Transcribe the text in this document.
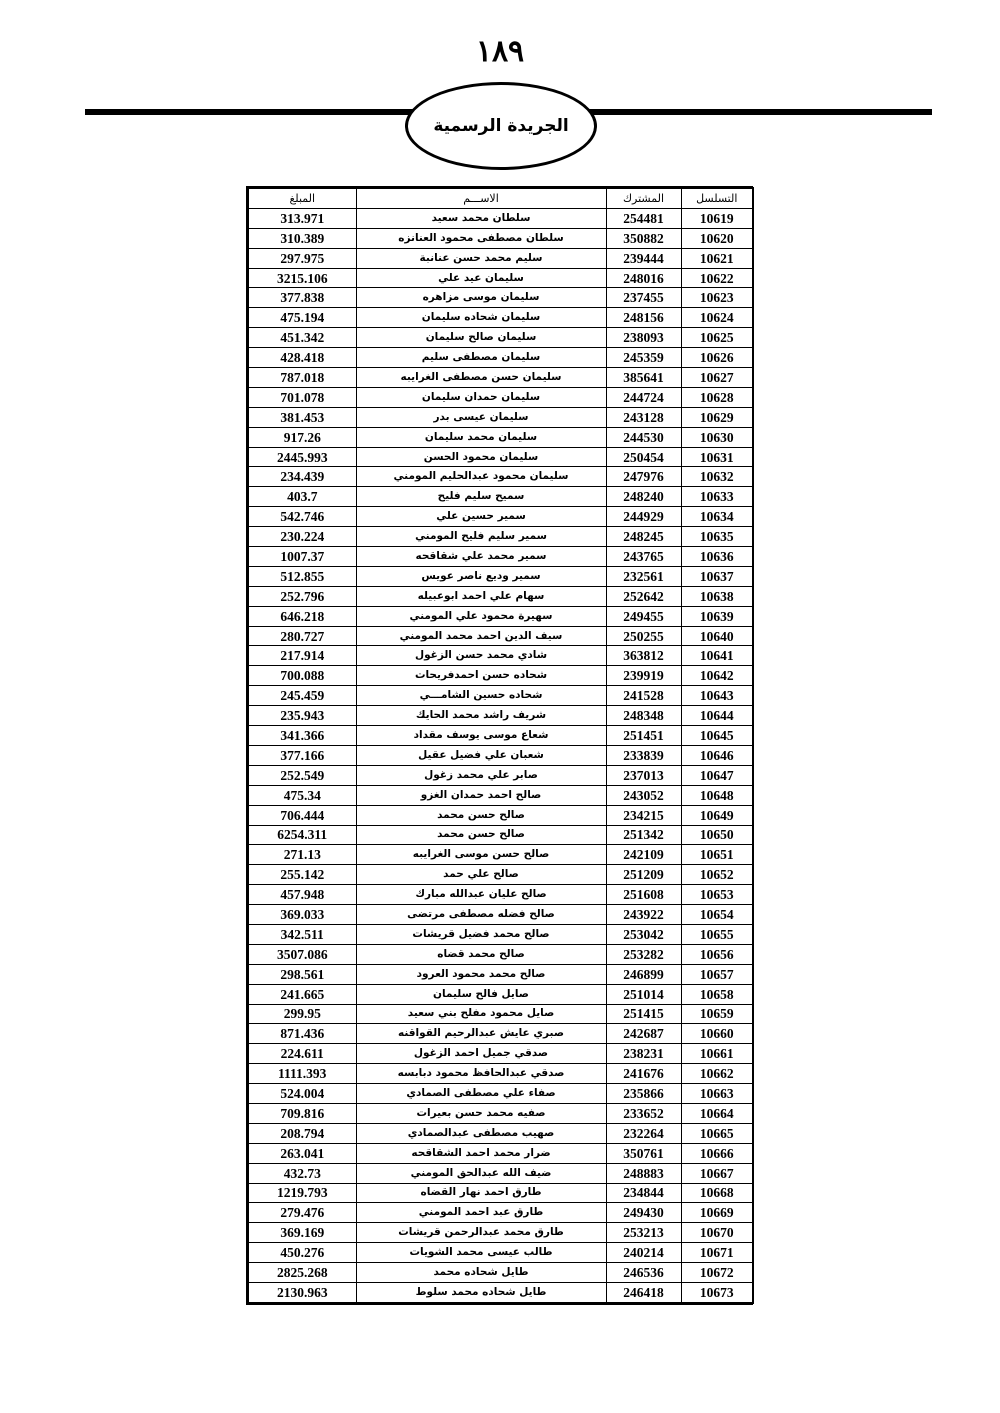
١٨٩
الجريدة الرسمية
التسلسل	المشترك	الاســـم	المبلغ
10619	254481	سلطان محمد سعيد	313.971
10620	350882	سلطان مصطفى محمود العنانزه	310.389
10621	239444	سليم محمد حسن عنانبة	297.975
10622	248016	سليمان عيد علي	3215.106
10623	237455	سليمان موسى مزاهره	377.838
10624	248156	سليمان شحاده سليمان	475.194
10625	238093	سليمان صالح سليمان	451.342
10626	245359	سليمان مصطفى سليم	428.418
10627	385641	سليمان حسن مصطفى الغرايبه	787.018
10628	244724	سليمان حمدان سليمان	701.078
10629	243128	سليمان عيسى بدر	381.453
10630	244530	سليمان محمد سليمان	917.26
10631	250454	سليمان محمود الحسن	2445.993
10632	247976	سليمان محمود عبدالحليم المومني	234.439
10633	248240	سميح سليم فليح	403.7
10634	244929	سمير حسين علي	542.746
10635	248245	سمير سليم فليح المومني	230.224
10636	243765	سمير محمد علي شقاقحه	1007.37
10637	232561	سمير وديع ناصر عويس	512.855
10638	252642	سهام علي احمد ابوعبيله	252.796
10639	249455	سهيرة محمود علي المومني	646.218
10640	250255	سيف الدين احمد محمد المومني	280.727
10641	363812	شادي محمد حسن الزغول	217.914
10642	239919	شحاده حسن احمدفريحات	700.088
10643	241528	شحاده حسين الشامـــي	245.459
10644	248348	شريف راشد محمد الحايك	235.943
10645	251451	شعاع موسى يوسف مقداد	341.366
10646	233839	شعبان علي فضيل عقيل	377.166
10647	237013	صابر علي محمد زغول	252.549
10648	243052	صالح احمد حمدان الغزو	475.34
10649	234215	صالح حسن محمد	706.444
10650	251342	صالح حسن محمد	6254.311
10651	242109	صالح حسن موسى الغرايبه	271.13
10652	251209	صالح علي حمد	255.142
10653	251608	صالح عليان عبدالله مبارك	457.948
10654	243922	صالح فضله مصطفى مرتضى	369.033
10655	253042	صالح محمد فضيل قريشات	342.511
10656	253282	صالح محمد قضاه	3507.086
10657	246899	صالح محمد محمود العرود	298.561
10658	251014	صايل فالح سليمان	241.665
10659	251415	صايل محمود مفلح بني سعيد	299.95
10660	242687	صبري عايش عبدالرحيم القواقنه	871.436
10661	238231	صدقي جميل احمد الزغول	224.611
10662	241676	صدقي عبدالحافظ محمود دبابسه	1111.393
10663	235866	صفاء علي مصطفى الصمادي	524.004
10664	233652	صفيه محمد حسن بعيرات	709.816
10665	232264	صهيب مصطفى عبدالصمادي	208.794
10666	350761	ضرار محمد احمد الشقاقحه	263.041
10667	248883	ضيف الله عبدالحق المومني	432.73
10668	234844	طارق احمد نهار القضاه	1219.793
10669	249430	طارق عبد احمد المومني	279.476
10670	253213	طارق محمد عبدالرحمن قريشات	369.169
10671	240214	طالب عيسى محمد الشويات	450.276
10672	246536	طايل شحاده محمد	2825.268
10673	246418	طايل شحاده محمد سلوط	2130.963
